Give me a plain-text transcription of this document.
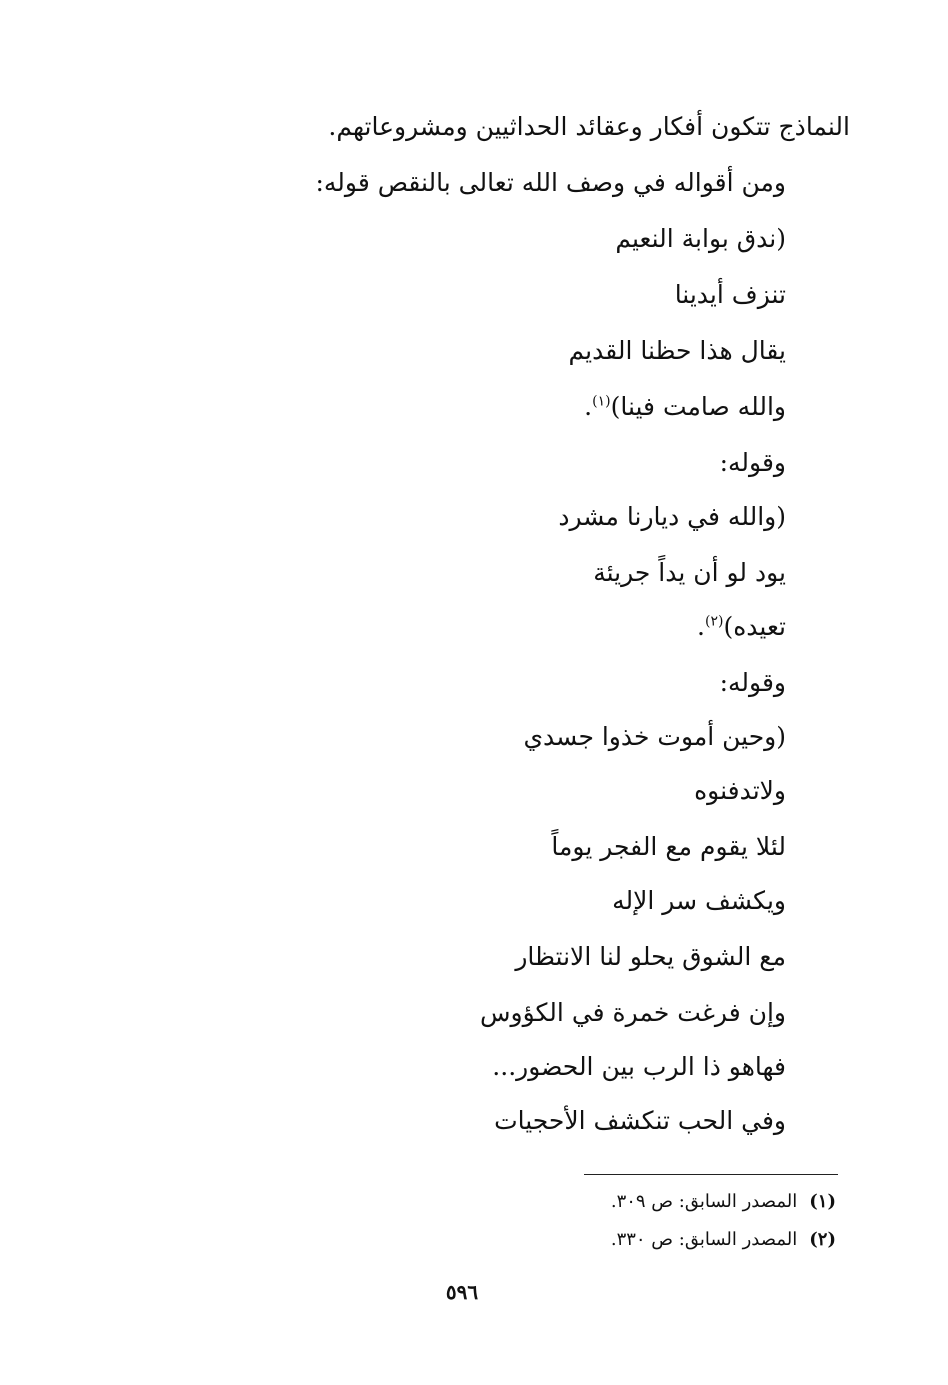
النماذج تتكون أفكار وعقائد الحداثيين ومشروعاتهم.
ومن أقواله في وصف الله تعالى بالنقص قوله:
(ندق بوابة النعيم
تنزف أيدينا
يقال هذا حظنا القديم
والله صامت فينا)$^{(١)}$.
وقوله:
(والله في ديارنا مشرد
يود لو أن يداً جريئة
تعيده)$^{(٢)}$.
وقوله:
(وحين أموت خذوا جسدي
ولاتدفنوه
لئلا يقوم مع الفجر يوماً
ويكشف سر الإله
مع الشوق يحلو لنا الانتظار
وإن فرغت خمرة في الكؤوس
فهاهو ذا الرب بين الحضور...
وفي الحب تنكشف الأحجيات
(١)المصدر السابق: ص ٣٠٩.
(٢)المصدر السابق: ص ٣٣٠.
٥٩٦
